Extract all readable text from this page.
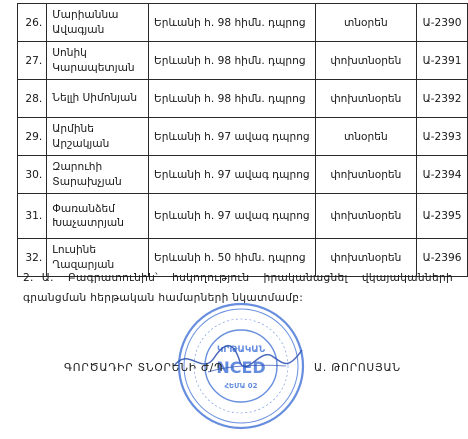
26.	Մարիաննա Ավագյան	Երևանի հ. 98 հիմն. դպրոց	տնօրեն	Ա-2390
27.	Սոնիկ Կարապետյան	Երևանի հ. 98 հիմն. դպրոց	փոխտնօրեն	Ա-2391
28.	Նելլի Սիմոնյան	Երևանի հ. 98 հիմն. դպրոց	փոխտնօրեն	Ա-2392
29.	Արմինե Արշակյան	Երևանի հ. 97 ավագ դպրոց	տնօրեն	Ա-2393
30.	Զարուհի Տարախչյան	Երևանի հ. 97 ավագ դպրոց	փոխտնօրեն	Ա-2394
31.	Փառանձեմ Խաչատրյան	Երևանի հ. 97 ավագ դպրոց	փոխտնօրեն	Ա-2395
32.	Լուսինե Ղազարյան	Երևանի հ. 50 հիմն. դպրոց	փոխտնօրեն	Ա-2396
2. Ա. Բագրատունին՝ հսկողություն իրականացնել վկայականների գրանցման հերթական համարների նկատմամբ:
ԿՐԹԱԿԱՆ
NCED
ՀԵՄԱ 02
ԳՈՐԾԱԴԻՐ ՏՆՕՐԵՆԻ Ժ/Պ	Ա. ԹՈՐՈՍՅԱՆ
